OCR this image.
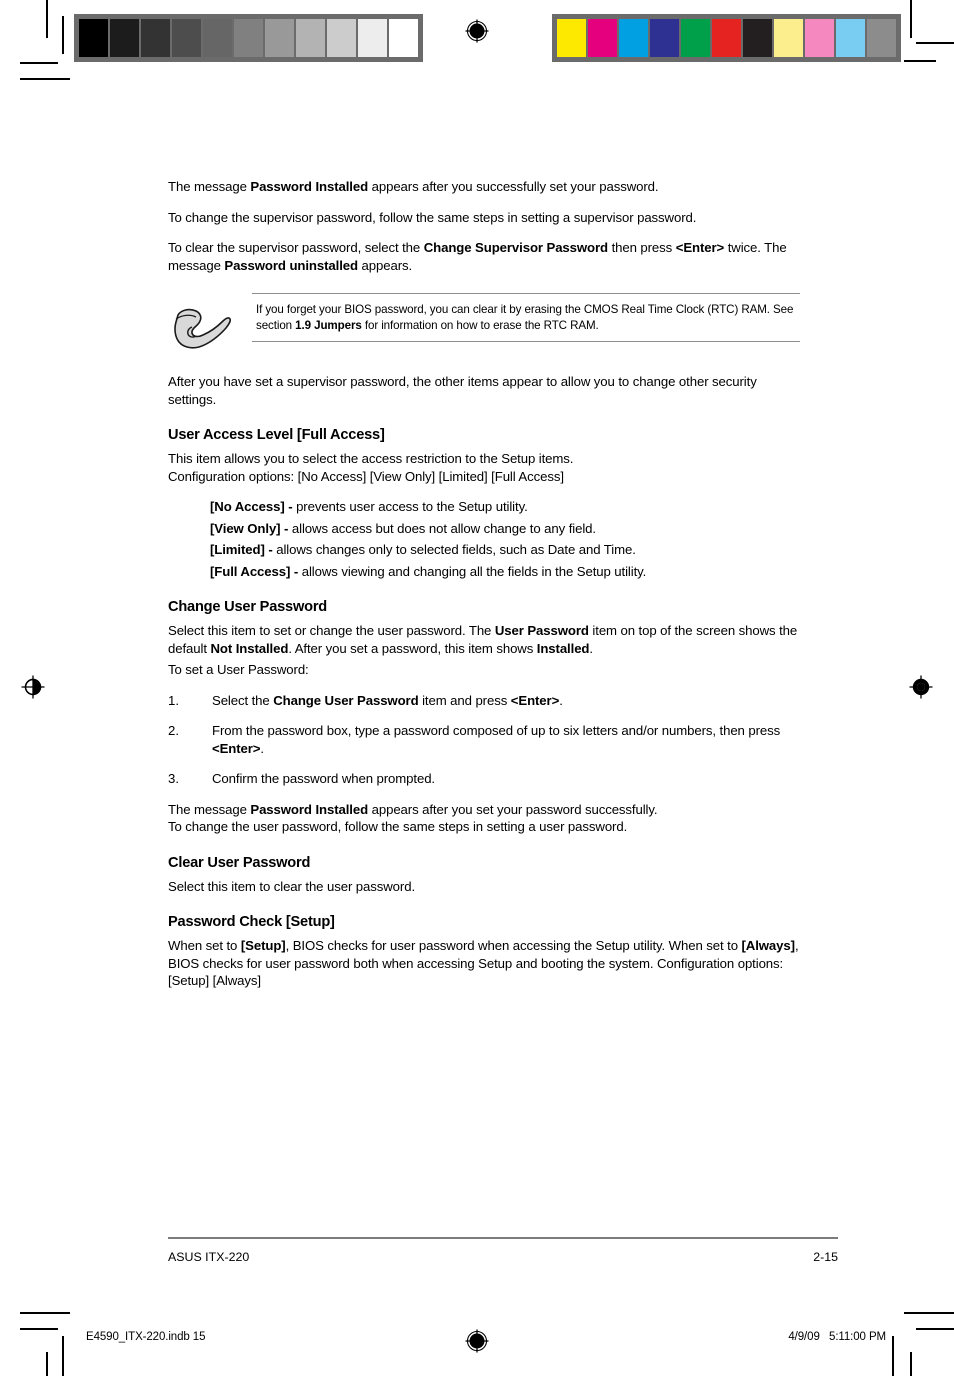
The message Password Installed appears after you successfully set your password.

To change the supervisor password, follow the same steps in setting a supervisor password.

To clear the supervisor password, select the Change Supervisor Password then press <Enter> twice. The message Password uninstalled appears.

If you forget your BIOS password, you can clear it by erasing the CMOS Real Time Clock (RTC) RAM. See section 1.9 Jumpers for information on how to erase the RTC RAM.

After you have set a supervisor password, the other items appear to allow you to change other security settings.

User Access Level [Full Access]

This item allows you to select the access restriction to the Setup items.

Configuration options: [No Access] [View Only] [Limited] [Full Access]

[No Access] - prevents user access to the Setup utility.

[View Only] - allows access but does not allow change to any field.

[Limited] - allows changes only to selected fields, such as Date and Time.

[Full Access] - allows viewing and changing all the fields in the Setup utility.

Change User Password

Select this item to set or change the user password. The User Password item on top of the screen shows the default Not Installed. After you set a password, this item shows Installed.

To set a User Password:

1.	Select the Change User Password item and press <Enter>.
2.	From the password box, type a password composed of up to six letters and/or numbers, then press <Enter>.
3.	Confirm the password when prompted.

The message Password Installed appears after you set your password successfully.

To change the user password, follow the same steps in setting a user password.

Clear User Password

Select this item to clear the user password.

Password Check [Setup]

When set to [Setup], BIOS checks for user password when accessing the Setup utility. When set to [Always], BIOS checks for user password both when accessing Setup and booting the system. Configuration options: [Setup] [Always]

ASUS ITX-220	2-15
E4590_ITX-220.indb 15	4/9/09   5:11:00 PM
